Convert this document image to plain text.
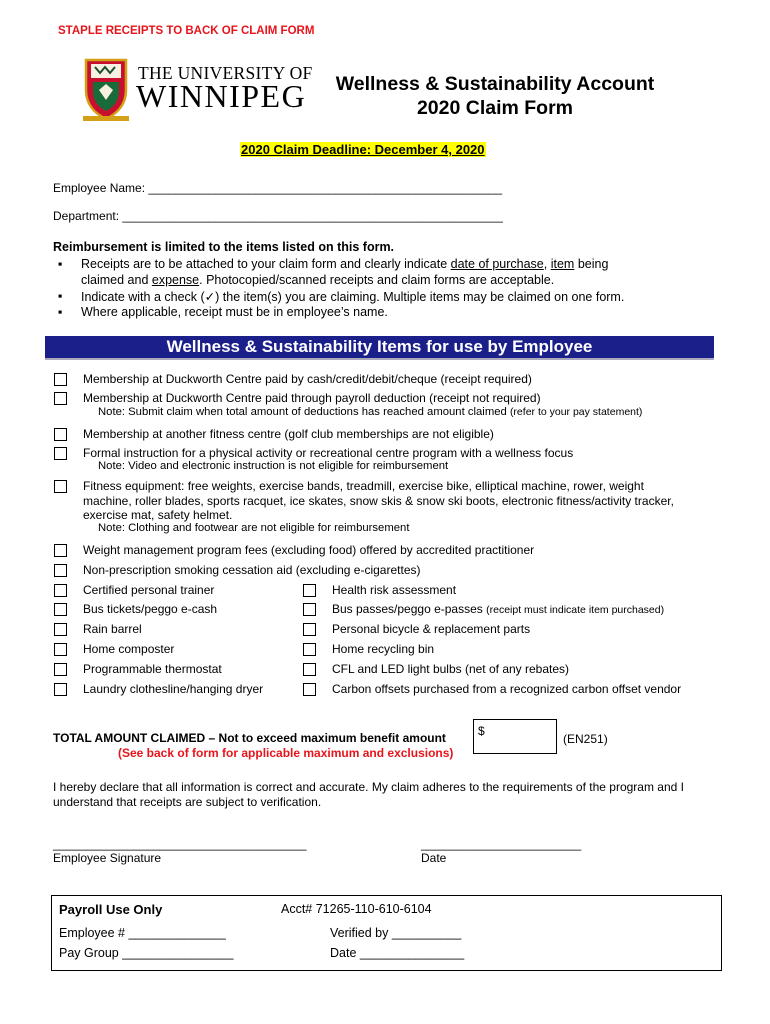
STAPLE RECEIPTS TO BACK OF CLAIM FORM
THE UNIVERSITY OF
WINNIPEG	Wellness & Sustainability Account
2020 Claim Form
2020 Claim Deadline: December 4, 2020
Employee Name: _____________________________________________________
Department: _________________________________________________________
Reimbursement is limited to the items listed on this form.
▪ Receipts are to be attached to your claim form and clearly indicate date of purchase, item being
claimed and expense. Photocopied/scanned receipts and claim forms are acceptable.
▪ Indicate with a check (✓) the item(s) you are claiming. Multiple items may be claimed on one form.
▪ Where applicable, receipt must be in employee’s name.
Wellness & Sustainability Items for use by Employee
Membership at Duckworth Centre paid by cash/credit/debit/cheque (receipt required)
Membership at Duckworth Centre paid through payroll deduction (receipt not required)
Note: Submit claim when total amount of deductions has reached amount claimed (refer to your pay statement)
Membership at another fitness centre (golf club memberships are not eligible)
Formal instruction for a physical activity or recreational centre program with a wellness focus
Note: Video and electronic instruction is not eligible for reimbursement
Fitness equipment: free weights, exercise bands, treadmill, exercise bike, elliptical machine, rower, weight
machine, roller blades, sports racquet, ice skates, snow skis & snow ski boots, electronic fitness/activity tracker,
exercise mat, safety helmet.
Note: Clothing and footwear are not eligible for reimbursement
Weight management program fees (excluding food) offered by accredited practitioner
Non-prescription smoking cessation aid (excluding e-cigarettes)
Certified personal trainer	Health risk assessment
Bus tickets/peggo e-cash	Bus passes/peggo e-passes (receipt must indicate item purchased)
Rain barrel	Personal bicycle & replacement parts
Home composter	Home recycling bin
Programmable thermostat	CFL and LED light bulbs (net of any rebates)
Laundry clothesline/hanging dryer	Carbon offsets purchased from a recognized carbon offset vendor
TOTAL AMOUNT CLAIMED – Not to exceed maximum benefit amount
(See back of form for applicable maximum and exclusions)
$
(EN251)
I hereby declare that all information is correct and accurate. My claim adheres to the requirements of the program and I understand that receipts are subject to verification.
______________________________________
Employee Signature
________________________
Date
Payroll Use Only	Acct# 71265-110-610-6104
Employee # ______________
Pay Group ________________
Verified by __________
Date _______________
